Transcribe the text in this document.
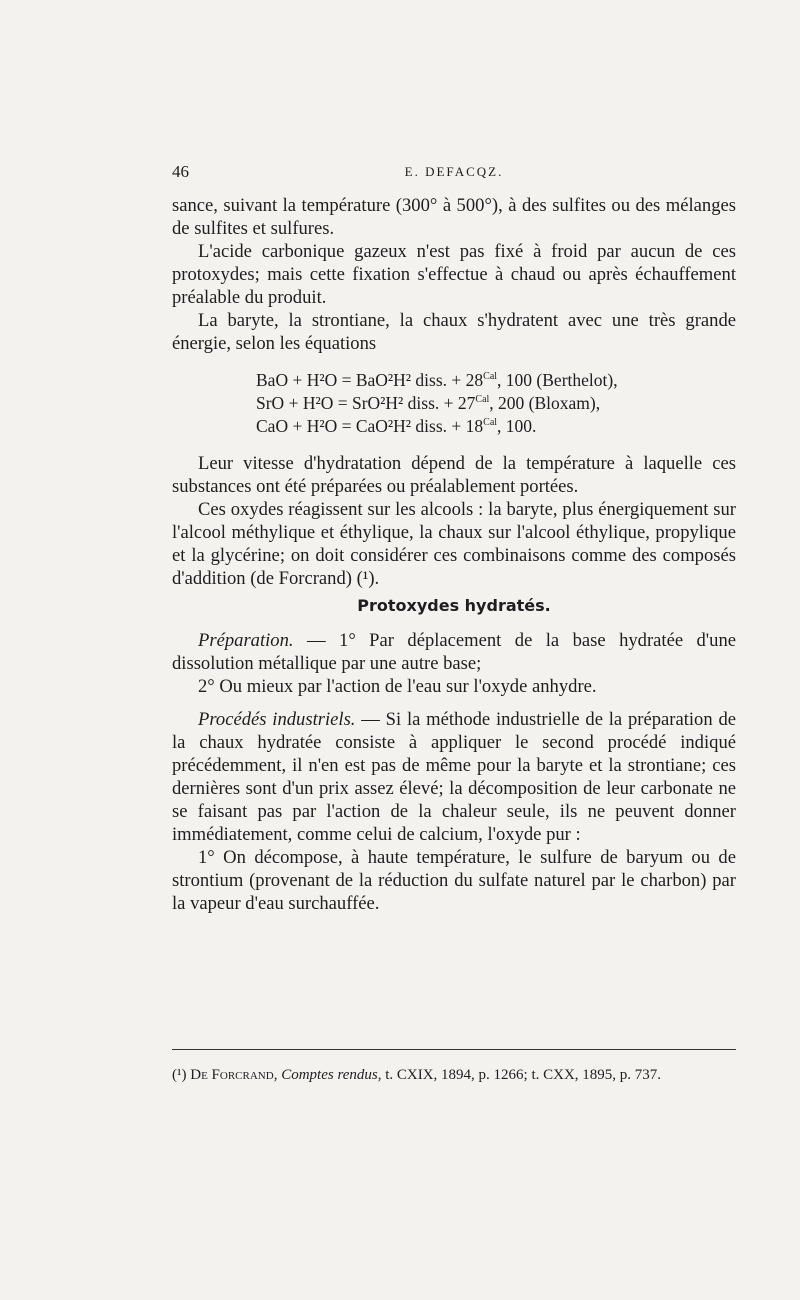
46	E. DEFACQZ.

sance, suivant la température (300° à 500°), à des sulfites ou des mélanges de sulfites et sulfures.

L'acide carbonique gazeux n'est pas fixé à froid par aucun de ces protoxydes; mais cette fixation s'effectue à chaud ou après échauffement préalable du produit.

La baryte, la strontiane, la chaux s'hydratent avec une très grande énergie, selon les équations

BaO + H²O = BaO²H² diss. + $28^{Cal}$, 100 (Berthelot),
SrO + H²O = SrO²H² diss. + $27^{Cal}$, 200 (Bloxam),
CaO + H²O = CaO²H² diss. + $18^{Cal}$, 100.

Leur vitesse d'hydratation dépend de la température à laquelle ces substances ont été préparées ou préalablement portées.

Ces oxydes réagissent sur les alcools : la baryte, plus énergiquement sur l'alcool méthylique et éthylique, la chaux sur l'alcool éthylique, propylique et la glycérine; on doit considérer ces combinaisons comme des composés d'addition (de Forcrand) (¹).

Protoxydes hydratés.

Préparation. — 1° Par déplacement de la base hydratée d'une dissolution métallique par une autre base;

2° Ou mieux par l'action de l'eau sur l'oxyde anhydre.

Procédés industriels. — Si la méthode industrielle de la préparation de la chaux hydratée consiste à appliquer le second procédé indiqué précédemment, il n'en est pas de même pour la baryte et la strontiane; ces dernières sont d'un prix assez élevé; la décomposition de leur carbonate ne se faisant pas par l'action de la chaleur seule, ils ne peuvent donner immédiatement, comme celui de calcium, l'oxyde pur :

1° On décompose, à haute température, le sulfure de baryum ou de strontium (provenant de la réduction du sulfate naturel par le charbon) par la vapeur d'eau surchauffée.

(¹) De Forcrand, Comptes rendus, t. CXIX, 1894, p. 1266; t. CXX, 1895, p. 737.
